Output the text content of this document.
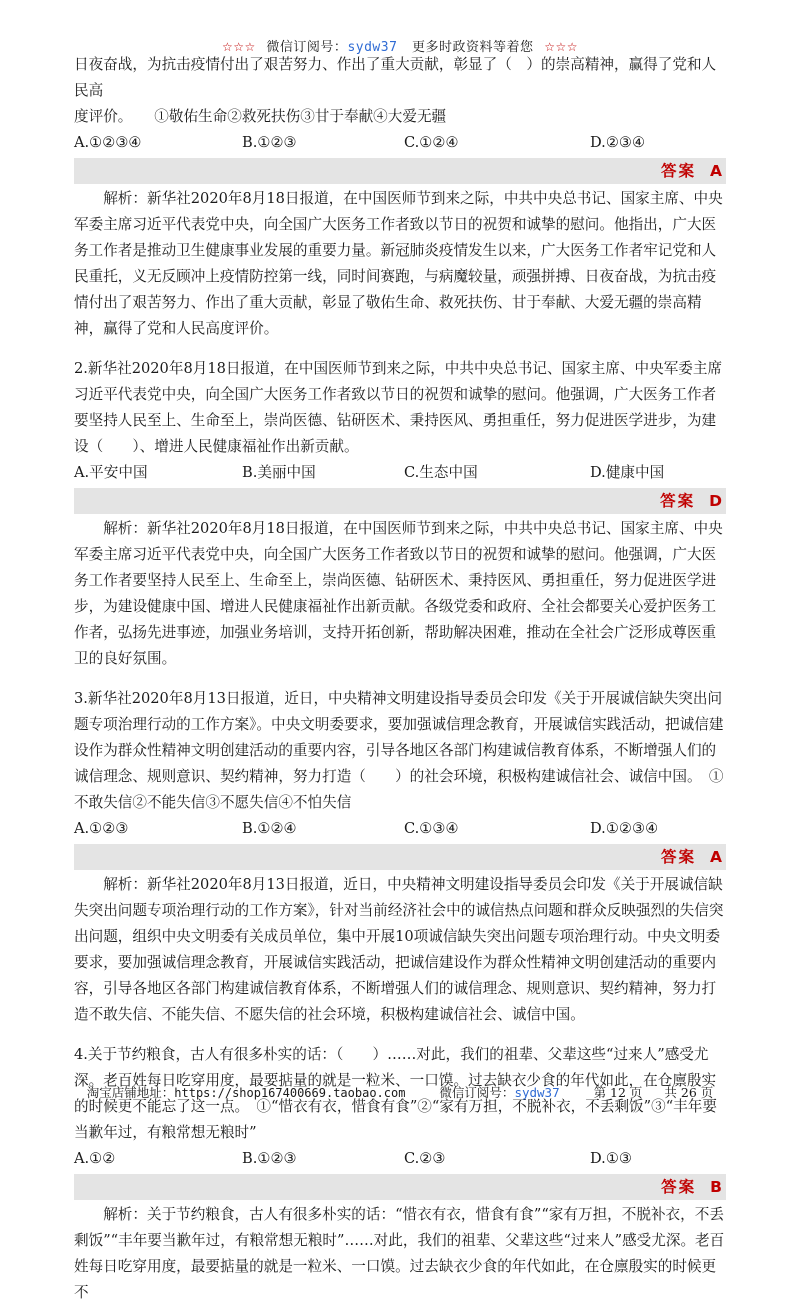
☆☆☆ 微信订阅号：sydw37 更多时政资料等着您 ☆☆☆

日夜奋战，为抗击疫情付出了艰苦努力、作出了重大贡献，彰显了（　）的崇高精神，赢得了党和人民高

度评价。　　①敬佑生命②救死扶伤③甘于奉献④大爱无疆

A.①②③④	B.①②③	C.①②④	D.②③④
答案 A

解析：新华社2020年8月18日报道，在中国医师节到来之际，中共中央总书记、国家主席、中央军委主席习近平代表党中央，向全国广大医务工作者致以节日的祝贺和诚挚的慰问。他指出，广大医务工作者是推动卫生健康事业发展的重要力量。新冠肺炎疫情发生以来，广大医务工作者牢记党和人民重托，义无反顾冲上疫情防控第一线，同时间赛跑，与病魔较量，顽强拼搏、日夜奋战，为抗击疫情付出了艰苦努力、作出了重大贡献，彰显了敬佑生命、救死扶伤、甘于奉献、大爱无疆的崇高精神，赢得了党和人民高度评价。

2.新华社2020年8月18日报道，在中国医师节到来之际，中共中央总书记、国家主席、中央军委主席习近平代表党中央，向全国广大医务工作者致以节日的祝贺和诚挚的慰问。他强调，广大医务工作者要坚持人民至上、生命至上，崇尚医德、钻研医术、秉持医风、勇担重任，努力促进医学进步，为建设（　　）、增进人民健康福祉作出新贡献。

A.平安中国	B.美丽中国	C.生态中国	D.健康中国
答案 D

解析：新华社2020年8月18日报道，在中国医师节到来之际，中共中央总书记、国家主席、中央军委主席习近平代表党中央，向全国广大医务工作者致以节日的祝贺和诚挚的慰问。他强调，广大医务工作者要坚持人民至上、生命至上，崇尚医德、钻研医术、秉持医风、勇担重任，努力促进医学进步，为建设健康中国、增进人民健康福祉作出新贡献。各级党委和政府、全社会都要关心爱护医务工作者，弘扬先进事迹，加强业务培训，支持开拓创新，帮助解决困难，推动在全社会广泛形成尊医重卫的良好氛围。

3.新华社2020年8月13日报道，近日，中央精神文明建设指导委员会印发《关于开展诚信缺失突出问题专项治理行动的工作方案》。中央文明委要求，要加强诚信理念教育，开展诚信实践活动，把诚信建设作为群众性精神文明创建活动的重要内容，引导各地区各部门构建诚信教育体系，不断增强人们的诚信理念、规则意识、契约精神，努力打造（　　）的社会环境，积极构建诚信社会、诚信中国。　①不敢失信②不能失信③不愿失信④不怕失信

A.①②③	B.①②④	C.①③④	D.①②③④
答案 A

解析：新华社2020年8月13日报道，近日，中央精神文明建设指导委员会印发《关于开展诚信缺失突出问题专项治理行动的工作方案》，针对当前经济社会中的诚信热点问题和群众反映强烈的失信突出问题，组织中央文明委有关成员单位，集中开展10项诚信缺失突出问题专项治理行动。中央文明委要求，要加强诚信理念教育，开展诚信实践活动，把诚信建设作为群众性精神文明创建活动的重要内容，引导各地区各部门构建诚信教育体系，不断增强人们的诚信理念、规则意识、契约精神，努力打造不敢失信、不能失信、不愿失信的社会环境，积极构建诚信社会、诚信中国。

4.关于节约粮食，古人有很多朴实的话：（　　）……对此，我们的祖辈、父辈这些“过来人”感受尤深。老百姓每日吃穿用度，最要掂量的就是一粒米、一口馍。过去缺衣少食的年代如此，在仓廪殷实的时候更不能忘了这一点。　①“惜衣有衣，惜食有食”②“家有万担，不脱补衣，不丢剩饭”③“丰年要当歉年过，有粮常想无粮时”

A.①②	B.①②③	C.②③	D.①③
答案 B

解析：关于节约粮食，古人有很多朴实的话：“惜衣有衣，惜食有食”“家有万担，不脱补衣，不丢剩饭”“丰年要当歉年过，有粮常想无粮时”……对此，我们的祖辈、父辈这些“过来人”感受尤深。老百姓每日吃穿用度，最要掂量的就是一粒米、一口馍。过去缺衣少食的年代如此，在仓廪殷实的时候更不

淘宝店铺地址：https://shop167400669.taobao.com	微信订阅号：sydw37	第 12 页 共 26 页
